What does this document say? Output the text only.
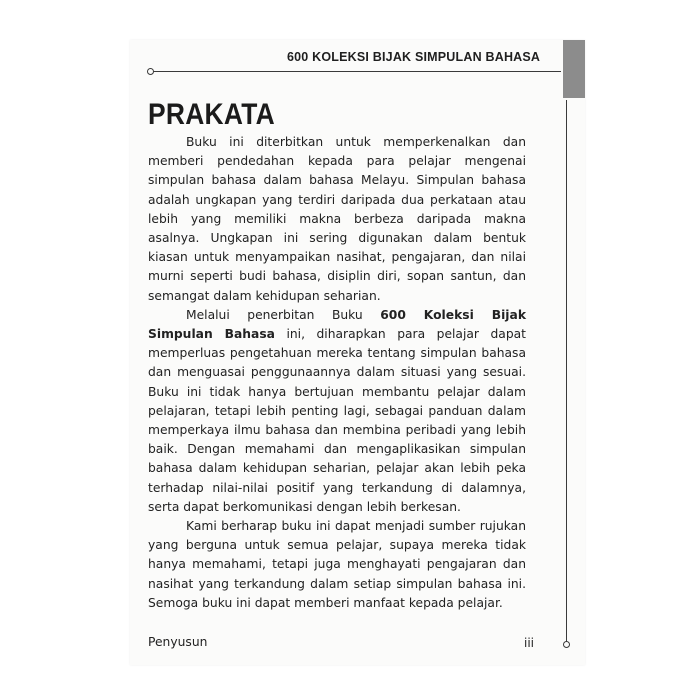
600 KOLEKSI BIJAK SIMPULAN BAHASA
PRAKATA

Buku ini diterbitkan untuk memperkenalkan dan memberi pendedahan kepada para pelajar mengenai simpulan bahasa dalam bahasa Melayu. Simpulan bahasa adalah ungkapan yang terdiri daripada dua perkataan atau lebih yang memiliki makna berbeza daripada makna asalnya. Ungkapan ini sering digunakan dalam bentuk kiasan untuk menyampaikan nasihat, pengajaran, dan nilai murni seperti budi bahasa, disiplin diri, sopan santun, dan semangat dalam kehidupan seharian.

Melalui penerbitan Buku 600 Koleksi Bijak Simpulan Bahasa ini, diharapkan para pelajar dapat memperluas pengetahuan mereka tentang simpulan bahasa dan menguasai penggunaannya dalam situasi yang sesuai. Buku ini tidak hanya bertujuan membantu pelajar dalam pelajaran, tetapi lebih penting lagi, sebagai panduan dalam memperkaya ilmu bahasa dan membina peribadi yang lebih baik. Dengan memahami dan mengaplikasikan simpulan bahasa dalam kehidupan seharian, pelajar akan lebih peka terhadap nilai-nilai positif yang terkandung di dalamnya, serta dapat berkomunikasi dengan lebih berkesan.

Kami berharap buku ini dapat menjadi sumber rujukan yang berguna untuk semua pelajar, supaya mereka tidak hanya memahami, tetapi juga menghayati pengajaran dan nasihat yang terkandung dalam setiap simpulan bahasa ini. Semoga buku ini dapat memberi manfaat kepada pelajar.

Penyusun	iii
